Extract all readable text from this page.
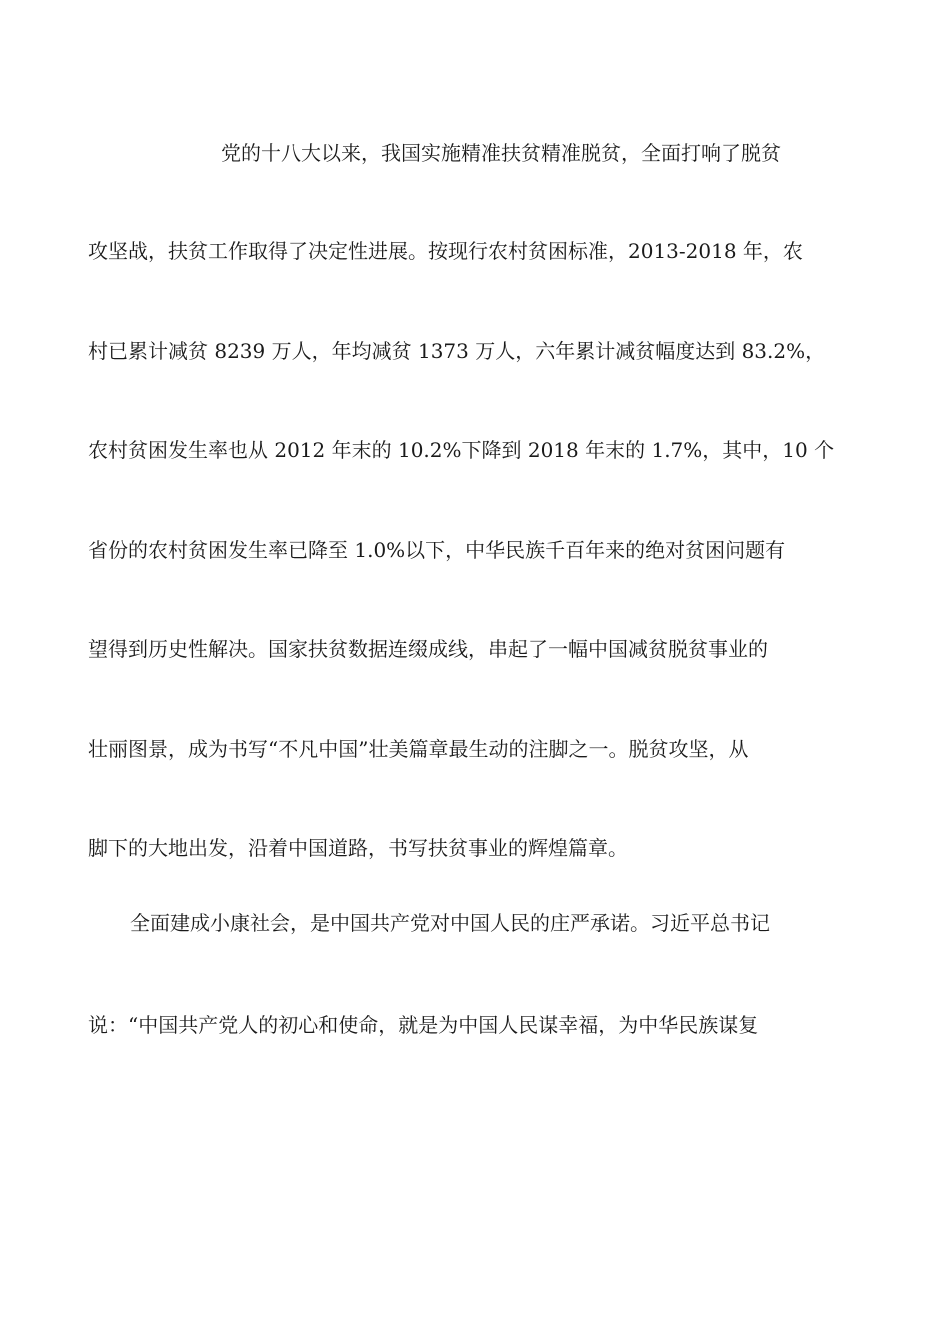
党的十八大以来，我国实施精准扶贫精准脱贫，全面打响了脱贫
攻坚战，扶贫工作取得了决定性进展。按现行农村贫困标准，2013-2018 年，农
村已累计减贫 8239 万人，年均减贫 1373 万人，六年累计减贫幅度达到 83.2%，
农村贫困发生率也从 2012 年末的 10.2%下降到 2018 年末的 1.7%，其中，10 个
省份的农村贫困发生率已降至 1.0%以下，中华民族千百年来的绝对贫困问题有
望得到历史性解决。国家扶贫数据连缀成线，串起了一幅中国减贫脱贫事业的
壮丽图景，成为书写“不凡中国”壮美篇章最生动的注脚之一。脱贫攻坚，从
脚下的大地出发，沿着中国道路，书写扶贫事业的辉煌篇章。
全面建成小康社会，是中国共产党对中国人民的庄严承诺。习近平总书记
说：“中国共产党人的初心和使命，就是为中国人民谋幸福，为中华民族谋复
